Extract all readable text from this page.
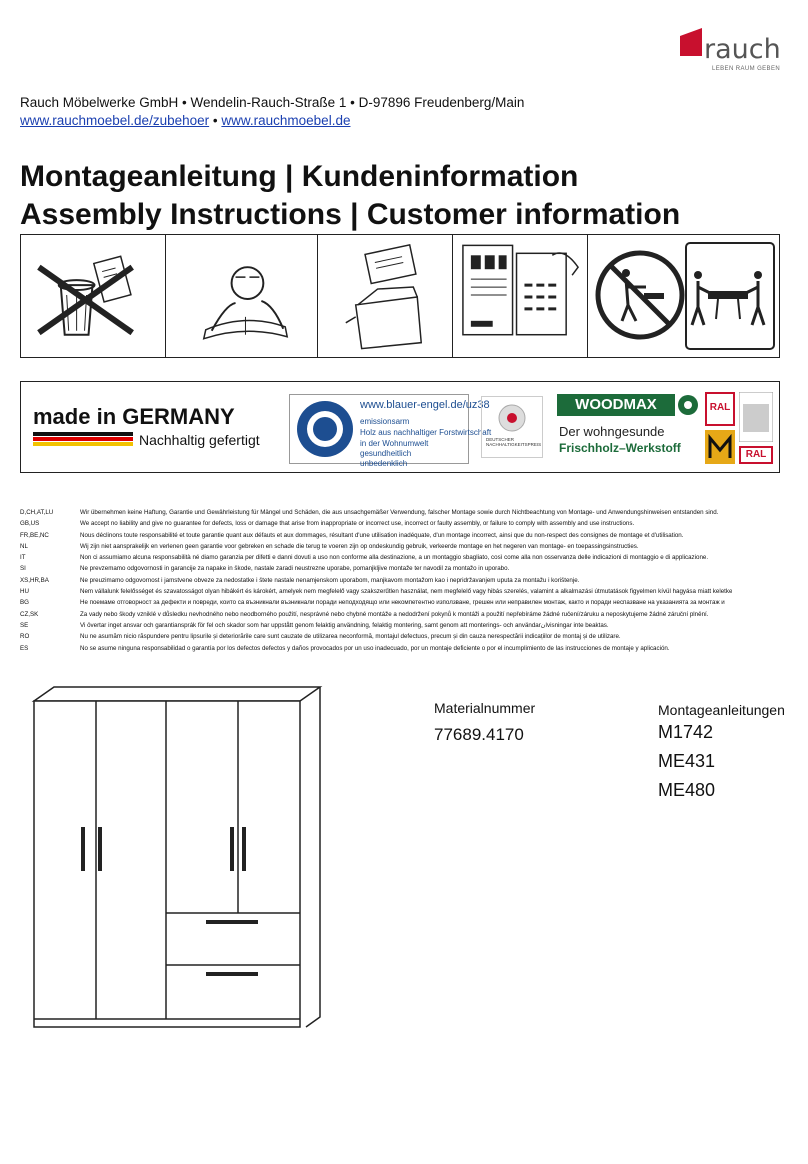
rauch
LEBEN RAUM GEBEN
Rauch Möbelwerke GmbH • Wendelin-Rauch-Straße 1 • D-97896 Freudenberg/Main
www.rauchmoebel.de/zubehoer • www.rauchmoebel.de
Montageanleitung | Kundeninformation
Assembly Instructions | Customer information
made in GERMANY
Nachhaltig gefertigt
www.blauer-engel.de/uz38
emissionsarm
Holz aus nachhaltiger Forstwirtschaft
in der Wohnumwelt gesundheitlich unbedenklich
DEUTSCHER
NACHHALTIGKEITSPREIS
WOODMAX
Der wohngesunde
Frischholz–Werkstoff
RAL
RAL
D,CH,AT,LU	Wir übernehmen keine Haftung, Garantie und Gewährleistung für Mängel und Schäden, die aus unsachgemäßer Verwendung, falscher Montage sowie durch Nichtbeachtung von Montage- und Anwendungshinweisen entstanden sind.
GB,US	We accept no liability and give no guarantee for defects, loss or damage that arise from inappropriate or incorrect use, incorrect or faulty assembly, or failure to comply with assembly and use instructions.
FR,BE,NC	Nous déclinons toute responsabilité et toute garantie quant aux défauts et aux dommages, résultant d'une utilisation inadéquate, d'un montage incorrect, ainsi que du non-respect des consignes de montage et d'utilisation.
NL	Wij zijn niet aansprakelijk en verlenen geen garantie voor gebreken en schade die terug te voeren zijn op ondeskundig gebruik, verkeerde montage en het negeren van montage- en toepassingsinstructies.
IT	Non ci assumiamo alcuna responsabilità né diamo garanzia per difetti e danni dovuti a uso non conforme alla destinazione, a un montaggio sbagliato, così come alla non osservanza delle indicazioni di montaggio e di applicazione.
SI	Ne prevzemamo odgovornosti in garancije za napake in škode, nastale zaradi neustrezne uporabe, pomanjkljive montaže ter navodil za montažo in uporabo.
XS,HR,BA	Ne preuzimamo odgovornost i jamstvene obveze za nedostatke i štete nastale nenamjenskom uporabom, manjkavom montažom kao i nepridržavanjem uputa za montažu i korištenje.
HU	Nem vállalunk felelősséget és szavatosságot olyan hibákért és károkért, amelyek nem megfelelő vagy szakszerűtlen használat, nem megfelelő vagy hibás szerelés, valamint a alkalmazási útmutatások figyelmen kívül hagyása miatt keletke
BG	Не поемаме отговорност за дефекти и повреди, които са възникнали възникнали поради неподходящо или некомпетентно използване, грешен или неправилен монтаж, както и поради неспазване на указанията за монтаж и
CZ,SK	Za vady nebo škody vzniklé v důsledku nevhodného nebo neodborného použití, nesprávné nebo chybné montáže a nedodržení pokynů k montáži a použití nepřebíráme žádné ručení/záruku a neposkytujeme žádné záruční plnění.
SE	Vi övertar inget ansvar och garantiansprák för fel och skador som har uppstått genom felaktig användning, felaktig montering, samt genom att monterings- och användarانvisningar inte beaktas.
RO	Nu ne asumăm nicio răspundere pentru lipsurile și deteriorările care sunt cauzate de utilizarea neconformă, montajul defectuos, precum și din cauza nerespectării indicațiilor de montaj și de utilizare.
ES	No se asume ninguna responsabilidad o garantía por los defectos defectos y daños provocados por un uso inadecuado, por un montaje deficiente o por el incumplimiento de las instrucciones de montaje y aplicación.
Materialnummer
77689.4170
Montageanleitungen
M1742
ME431
ME480
